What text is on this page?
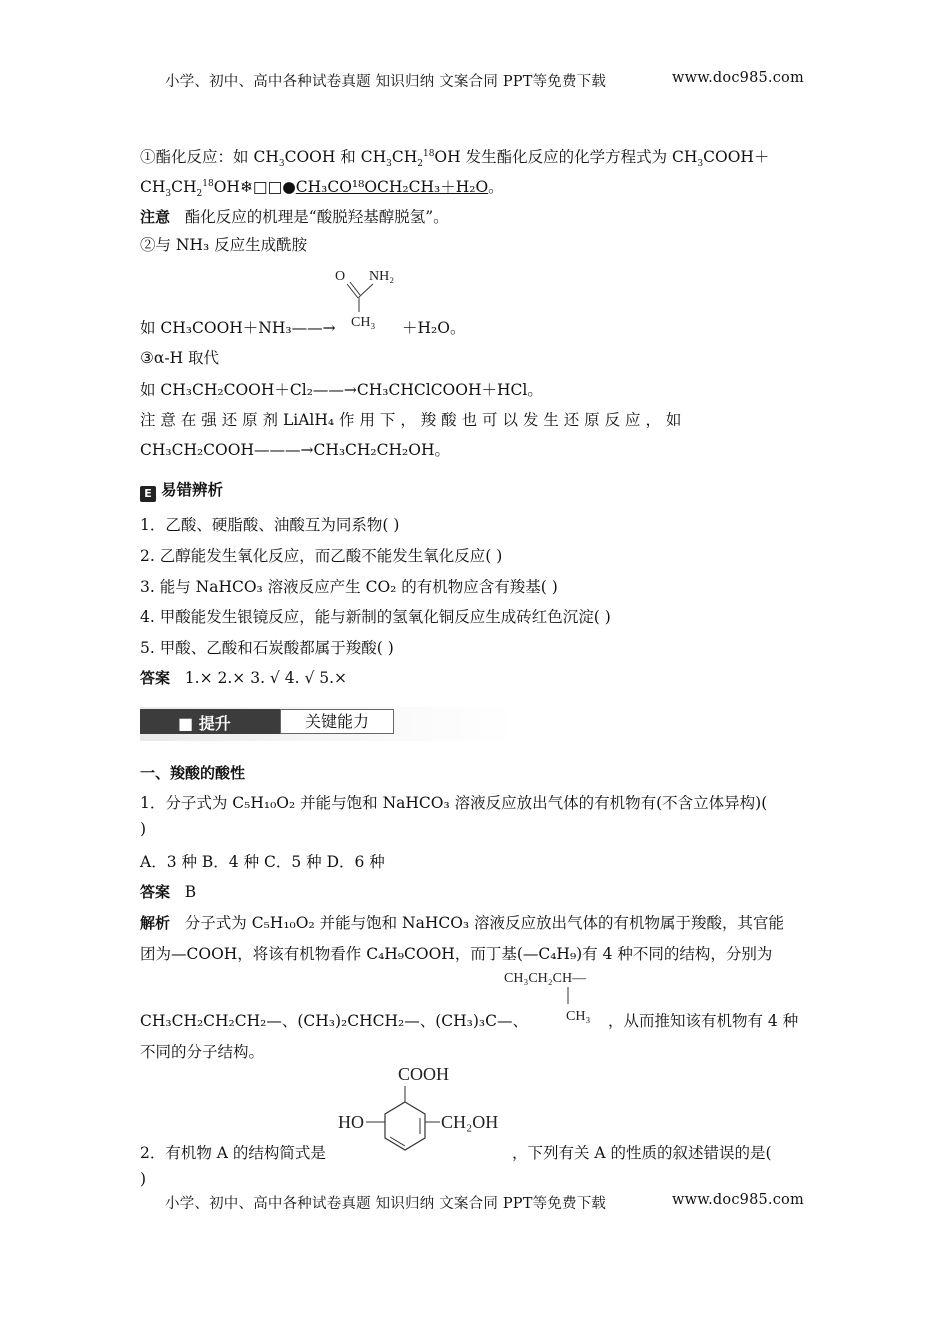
小学、初中、高中各种试卷真题 知识归纳 文案合同 PPT等免费下载	www.doc985.com
①酯化反应：如 $CH_3COOH$ 和 $CH_3CH_2^{18}OH$ 发生酯化反应的化学方程式为 $CH_3COOH+$
$CH_3CH_2^{18}OH❄□□●CH_3CO^{18}OCH_2CH_3+H_2O$。
注意 酯化反应的机理是“酸脱羟基醇脱氢”。
②与 NH₃ 反应生成酰胺
O NH₂
CH₃
如 CH₃COOH＋NH₃——→	＋H₂O。
③α-H 取代
如 CH₃CH₂COOH＋Cl₂——→CH₃CHClCOOH＋HCl。
注 意 在 强 还 原 剂 LiAlH₄ 作 用 下 ， 羧 酸 也 可 以 发 生 还 原 反 应 ， 如
CH₃CH₂COOH———→CH₃CH₂CH₂OH。
E 易错辨析
1．乙酸、硬脂酸、油酸互为同系物( )
2. 乙醇能发生氧化反应，而乙酸不能发生氧化反应( )
3. 能与 NaHCO₃ 溶液反应产生 CO₂ 的有机物应含有羧基( )
4. 甲酸能发生银镜反应，能与新制的氢氧化铜反应生成砖红色沉淀( )
5. 甲酸、乙酸和石炭酸都属于羧酸( )
答案 1.× 2.× 3. √ 4. √ 5.×
■ 提升	关键能力
一、羧酸的酸性
1．分子式为 C₅H₁₀O₂ 并能与饱和 NaHCO₃ 溶液反应放出气体的有机物有(不含立体异构)(
)
A．3 种 B．4 种 C．5 种 D．6 种
答案 B
解析 分子式为 C₅H₁₀O₂ 并能与饱和 NaHCO₃ 溶液反应放出气体的有机物属于羧酸，其官能
团为—COOH，将该有机物看作 C₄H₉COOH，而丁基(—C₄H₉)有 4 种不同的结构，分别为
CH₃CH₂CH—
CH₃
CH₃CH₂CH₂CH₂—、(CH₃)₂CHCH₂—、(CH₃)₃C—、	，从而推知该有机物有 4 种
不同的分子结构。
COOH
HO	CH₂OH
2．有机物 A 的结构简式是	，下列有关 A 的性质的叙述错误的是(
)
小学、初中、高中各种试卷真题 知识归纳 文案合同 PPT等免费下载	www.doc985.com
